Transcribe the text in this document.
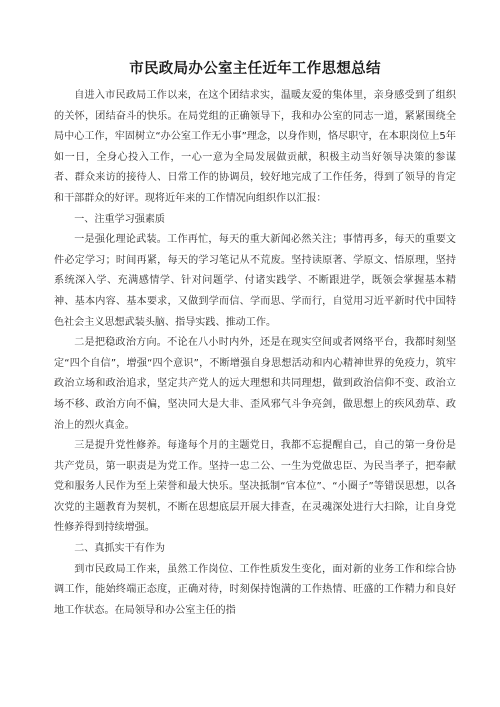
市民政局办公室主任近年工作思想总结

自进入市民政局工作以来，在这个团结求实，温暖友爱的集体里，亲身感受到了组织的关怀，团结奋斗的快乐。在局党组的正确领导下，我和办公室的同志一道，紧紧围绕全局中心工作，牢固树立“办公室工作无小事”理念，以身作则，恪尽职守，在本职岗位上5年如一日，全身心投入工作，一心一意为全局发展做贡献，积极主动当好领导决策的参谋者、群众来访的接待人、日常工作的协调员，较好地完成了工作任务，得到了领导的肯定和干部群众的好评。现将近年来的工作情况向组织作以汇报：

一、注重学习强素质

一是强化理论武装。工作再忙，每天的重大新闻必然关注；事情再多，每天的重要文件必定学习；时间再紧，每天的学习笔记从不荒废。坚持读原著、学原文、悟原理，坚持系统深入学、充满感情学、针对问题学、付诸实践学、不断跟进学，既领会掌握基本精神、基本内容、基本要求，又做到学而信、学而思、学而行，自觉用习近平新时代中国特色社会主义思想武装头脑、指导实践、推动工作。

二是把稳政治方向。不论在八小时内外，还是在现实空间或者网络平台，我都时刻坚定“四个自信”，增强“四个意识”，不断增强自身思想活动和内心精神世界的免疫力，筑牢政治立场和政治追求，坚定共产党人的远大理想和共同理想，做到政治信仰不变、政治立场不移、政治方向不偏，坚决同大是大非、歪风邪气斗争亮剑，做思想上的疾风劲草、政治上的烈火真金。

三是提升党性修养。每逢每个月的主题党日，我都不忘提醒自己，自己的第一身份是共产党员，第一职责是为党工作。坚持一忠二公、一生为党做忠臣、为民当孝子，把奉献党和服务人民作为至上荣誉和最大快乐。坚决抵制“官本位”、“小圈子”等错误思想，以各次党的主题教育为契机，不断在思想底层开展大排查，在灵魂深处进行大扫除，让自身党性修养得到持续增强。

二、真抓实干有作为

到市民政局工作来，虽然工作岗位、工作性质发生变化，面对新的业务工作和综合协调工作，能始终端正态度，正确对待，时刻保持饱满的工作热情、旺盛的工作精力和良好地工作状态。在局领导和办公室主任的指
